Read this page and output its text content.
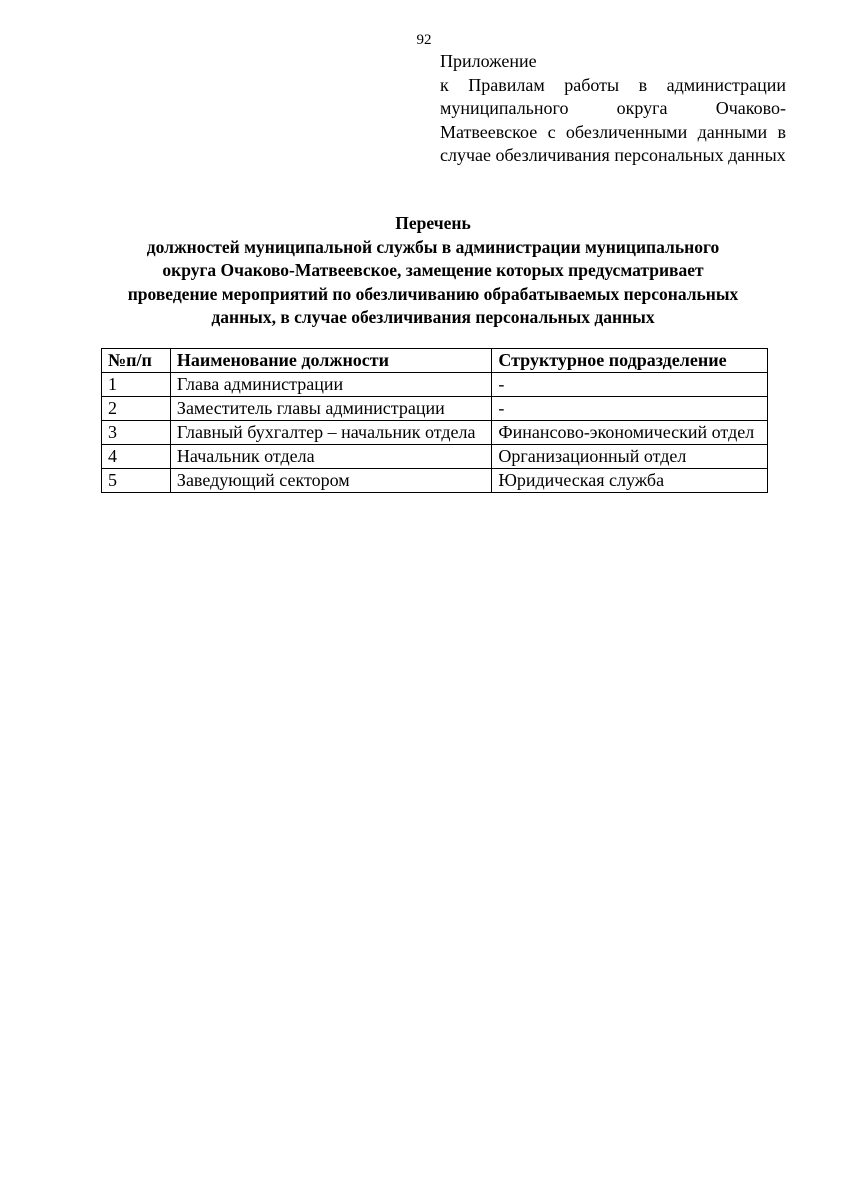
92
Приложение
к Правилам работы в администрации муниципального округа Очаково-Матвеевское с обезличенными данными в случае обезличивания персональных данных
Перечень
должностей муниципальной службы в администрации муниципального
округа Очаково-Матвеевское, замещение которых предусматривает
проведение мероприятий по обезличиванию обрабатываемых персональных
данных, в случае обезличивания персональных данных
№п/п	Наименование должности	Структурное подразделение
1	Глава администрации	-
2	Заместитель главы администрации	-
3	Главный бухгалтер – начальник отдела	Финансово-экономический отдел
4	Начальник отдела	Организационный отдел
5	Заведующий сектором	Юридическая служба
